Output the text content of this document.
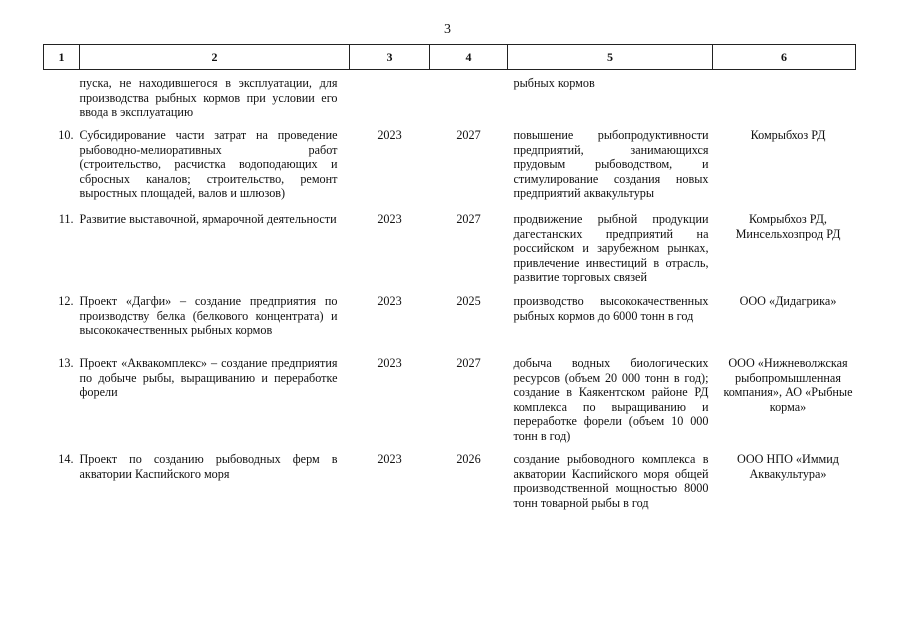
3
1	2	3	4	5	6
	пуска, не находившегося в эксплуатации, для производства рыбных кормов при условии его ввода в эксплуатацию			рыбных кормов	
10.	Субсидирование части затрат на проведение рыбоводно-мелиоративных работ (строительство, расчистка водоподающих и сбросных каналов; строительство, ремонт выростных площадей, валов и шлюзов)	2023	2027	повышение рыбопродуктивности предприятий, занимающихся прудовым рыбоводством, и стимулирование создания новых предприятий аквакультуры	Комрыбхоз РД
11.	Развитие выставочной, ярмарочной деятельности	2023	2027	продвижение рыбной продукции дагестанских предприятий на российском и зарубежном рынках, привлечение инвестиций в отрасль, развитие торговых связей	Комрыбхоз РД, Минсельхозпрод РД
12.	Проект «Дагфи» – создание предприятия по производству белка (белкового концентрата) и высококачественных рыбных кормов	2023	2025	производство высококачественных рыбных кормов до 6000 тонн в год	ООО «Дидагрика»
13.	Проект «Аквакомплекс» – создание предприятия по добыче рыбы, выращиванию и переработке форели	2023	2027	добыча водных биологических ресурсов (объем 20 000 тонн в год); создание в Каякентском районе РД комплекса по выращиванию и переработке форели (объем 10 000 тонн в год)	ООО «Нижневолжская рыбопромышленная компания», АО «Рыбные корма»
14.	Проект по созданию рыбоводных ферм в акватории Каспийского моря	2023	2026	создание рыбоводного комплекса в акватории Каспийского моря общей производственной мощностью 8000 тонн товарной рыбы в год	ООО НПО «Иммид Аквакультура»
